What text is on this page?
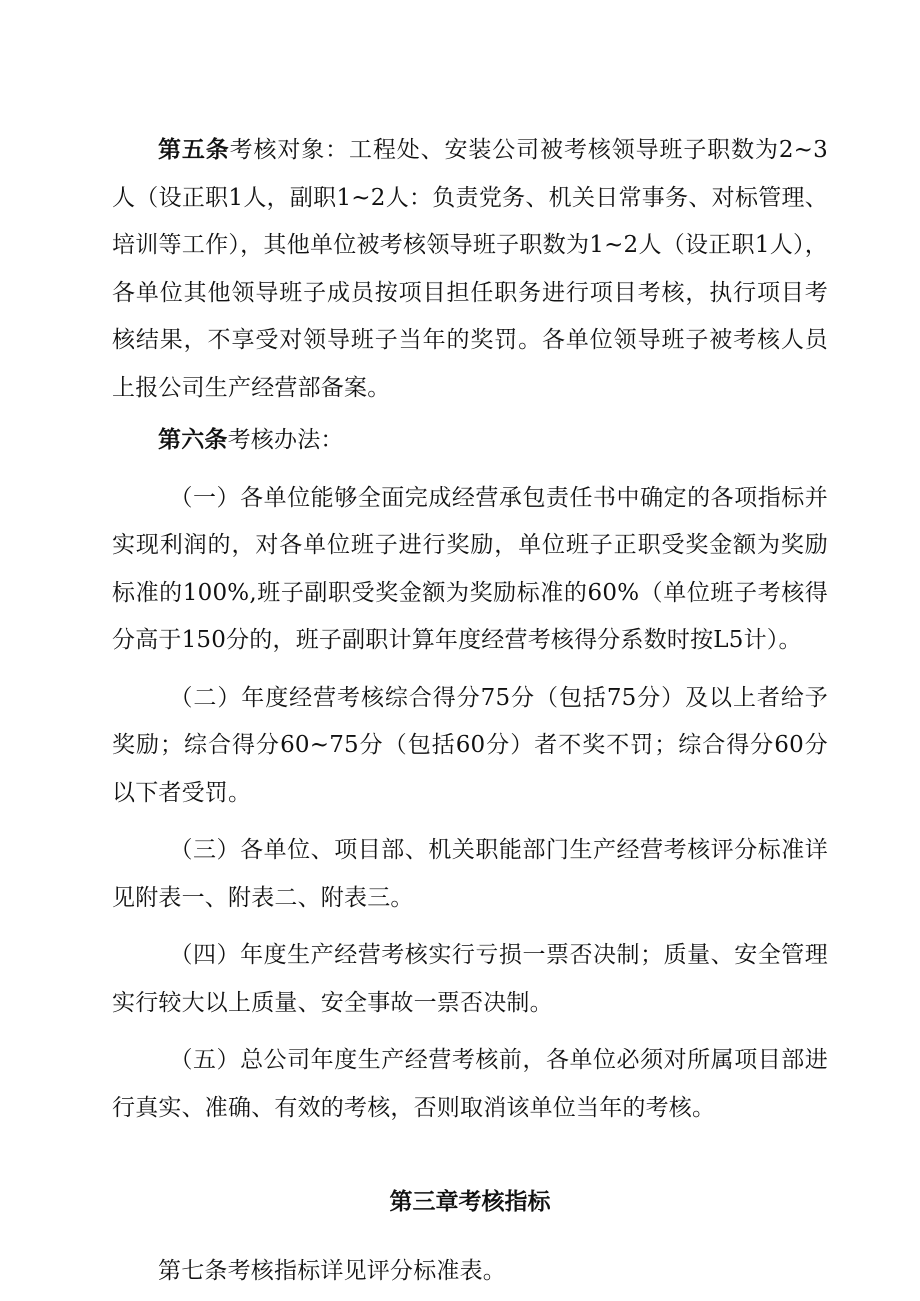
第五条考核对象：工程处、安装公司被考核领导班子职数为2~3人（设正职1人，副职1~2人：负责党务、机关日常事务、对标管理、培训等工作），其他单位被考核领导班子职数为1~2人（设正职1人），各单位其他领导班子成员按项目担任职务进行项目考核，执行项目考核结果，不享受对领导班子当年的奖罚。各单位领导班子被考核人员上报公司生产经营部备案。

第六条考核办法：

（一）各单位能够全面完成经营承包责任书中确定的各项指标并实现利润的，对各单位班子进行奖励，单位班子正职受奖金额为奖励标准的100%,班子副职受奖金额为奖励标准的60%（单位班子考核得分高于150分的，班子副职计算年度经营考核得分系数时按L5计）。

（二）年度经营考核综合得分75分（包括75分）及以上者给予奖励；综合得分60~75分（包括60分）者不奖不罚；综合得分60分以下者受罚。

（三）各单位、项目部、机关职能部门生产经营考核评分标准详见附表一、附表二、附表三。

（四）年度生产经营考核实行亏损一票否决制；质量、安全管理实行较大以上质量、安全事故一票否决制。

（五）总公司年度生产经营考核前，各单位必须对所属项目部进行真实、准确、有效的考核，否则取消该单位当年的考核。

第三章考核指标

第七条考核指标详见评分标准表。
